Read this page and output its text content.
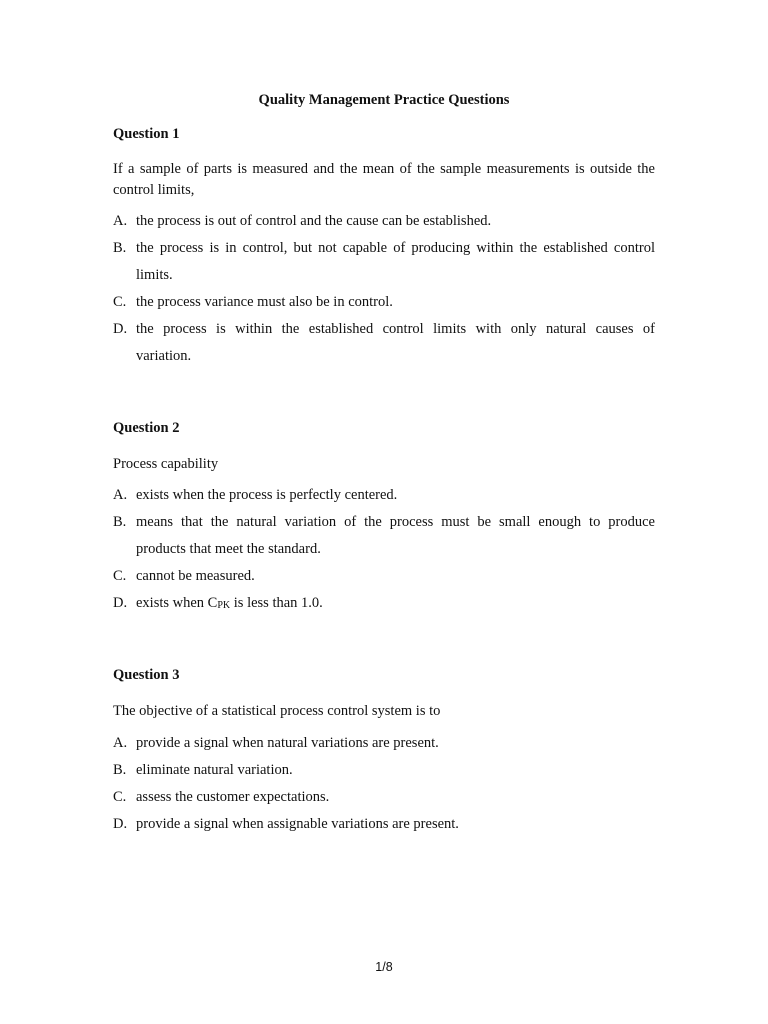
Quality Management Practice Questions
Question 1
If a sample of parts is measured and the mean of the sample measurements is outside the control limits,
A. the process is out of control and the cause can be established.
B. the process is in control, but not capable of producing within the established control
limits.
C. the process variance must also be in control.
D. the process is within the established control limits with only natural causes of
variation.
Question 2
Process capability
A. exists when the process is perfectly centered.
B. means that the natural variation of the process must be small enough to produce
products that meet the standard.
C. cannot be measured.
D. exists when CPK is less than 1.0.
Question 3
The objective of a statistical process control system is to
A. provide a signal when natural variations are present.
B. eliminate natural variation.
C. assess the customer expectations.
D. provide a signal when assignable variations are present.
1/8
